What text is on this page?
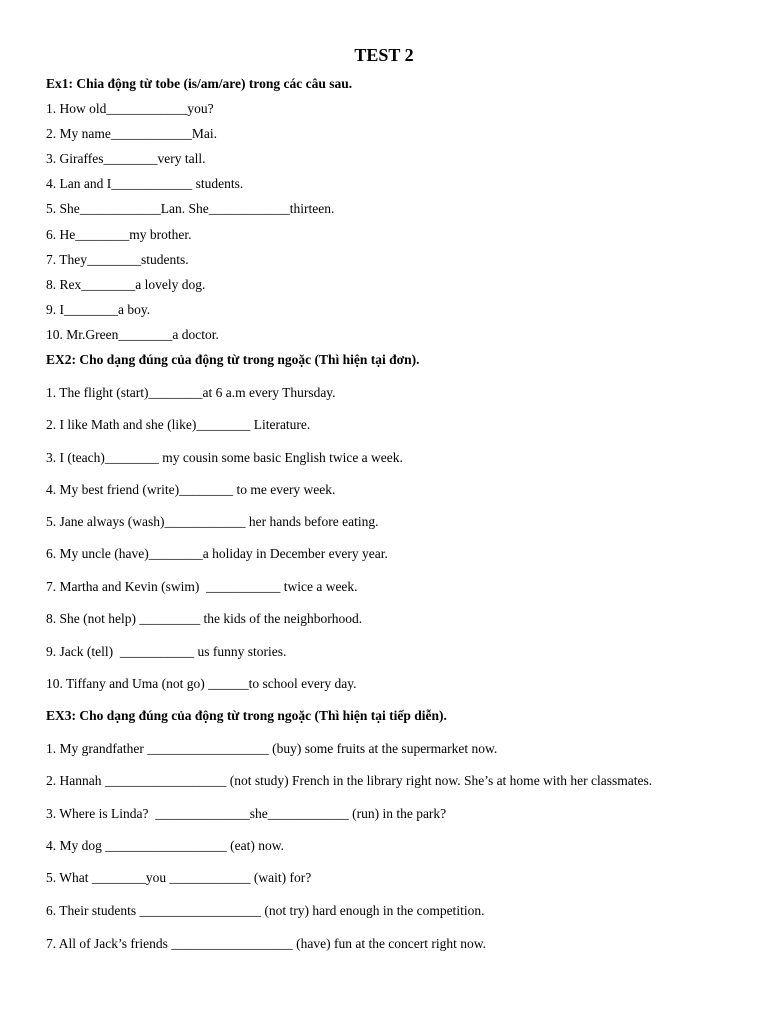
TEST 2
Ex1: Chia động từ tobe (is/am/are) trong các câu sau.
1. How old____________you?
2. My name____________Mai.
3. Giraffes________very tall.
4. Lan and I____________ students.
5. She____________Lan. She____________thirteen.
6. He________my brother.
7. They________students.
8. Rex________a lovely dog.
9. I________a boy.
10. Mr.Green________a doctor.
EX2: Cho dạng đúng của động từ trong ngoặc (Thì hiện tại đơn).
1. The flight (start)________at 6 a.m every Thursday.
2. I like Math and she (like)________ Literature.
3. I (teach)________ my cousin some basic English twice a week.
4. My best friend (write)________ to me every week.
5. Jane always (wash)____________ her hands before eating.
6. My uncle (have)________a holiday in December every year.
7. Martha and Kevin (swim)  ___________ twice a week.
8. She (not help) _________ the kids of the neighborhood.
9. Jack (tell)  ___________ us funny stories.
10. Tiffany and Uma (not go) ______to school every day.
EX3: Cho dạng đúng của động từ trong ngoặc (Thì hiện tại tiếp diễn).
1. My grandfather __________________ (buy) some fruits at the supermarket now.
2. Hannah __________________ (not study) French in the library right now. She’s at home with her classmates.
3. Where is Linda?  ______________she____________ (run) in the park?
4. My dog __________________ (eat) now.
5. What ________you ____________ (wait) for?
6. Their students __________________ (not try) hard enough in the competition.
7. All of Jack’s friends __________________ (have) fun at the concert right now.
